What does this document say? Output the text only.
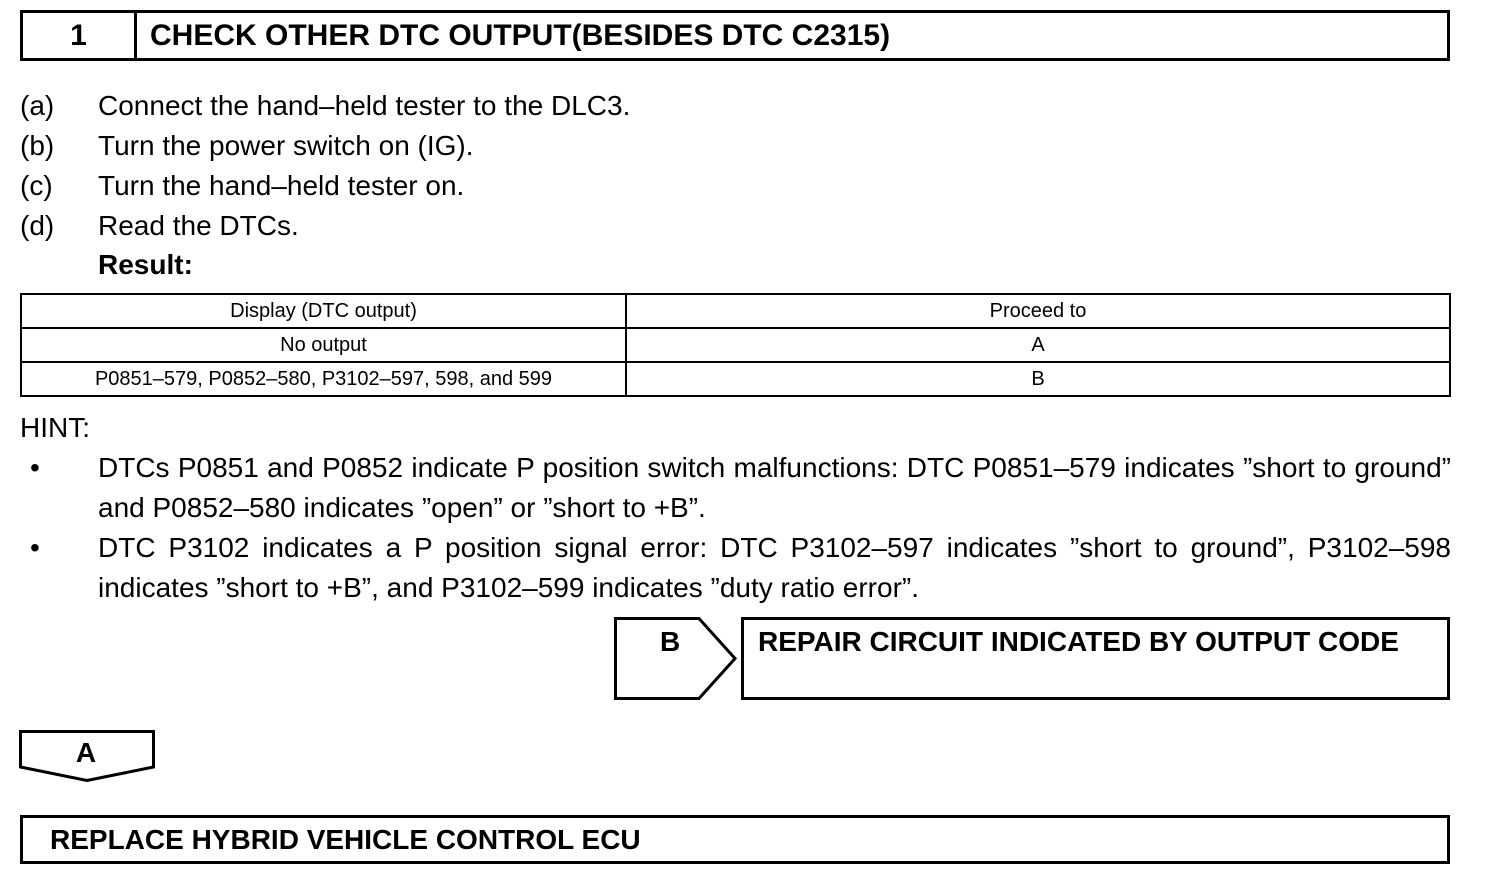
1	CHECK OTHER DTC OUTPUT(BESIDES DTC C2315)
(a)	Connect the hand–held tester to the DLC3.
(b)	Turn the power switch on (IG).
(c)	Turn the hand–held tester on.
(d)	Read the DTCs.
Result:
Display (DTC output)	Proceed to
No output	A
P0851–579, P0852–580, P3102–597, 598, and 599	B
HINT:
•	DTCs P0851 and P0852 indicate P position switch malfunctions: DTC P0851–579 indicates ”short to ground” and P0852–580 indicates ”open” or ”short to +B”.
•	DTC P3102 indicates a P position signal error: DTC P3102–597 indicates ”short to ground”, P3102–598 indicates ”short to +B”, and P3102–599 indicates ”duty ratio error”.
B	REPAIR CIRCUIT INDICATED BY OUTPUT CODE
A
REPLACE HYBRID VEHICLE CONTROL ECU
